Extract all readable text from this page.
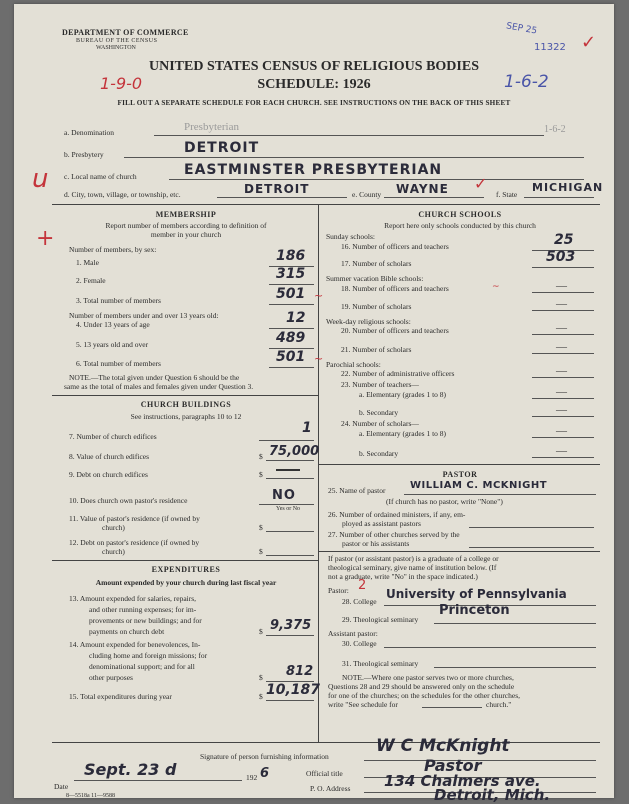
DEPARTMENT OF COMMERCE
BUREAU OF THE CENSUS
WASHINGTON
SEP 25
11322 ✓
UNITED STATES CENSUS OF RELIGIOUS BODIES
SCHEDULE: 1926
1-9-0	1-6-2
FILL OUT A SEPARATE SCHEDULE FOR EACH CHURCH. SEE INSTRUCTIONS ON THE BACK OF THIS SHEET
a. Denomination	Presbyterian	1-6-2
b. Presbytery	DETROIT
c. Local name of church	EASTMINSTER PRESBYTERIAN
u
d. City, town, village, or township, etc.	DETROIT	e. County WAYNE ✓
f. State
MICHIGAN
+
MEMBERSHIP
Report number of members according to definition of
member in your church
Number of members, by sex:
1. Male	186
2. Female	315
3. Total number of members	501 ~
Number of members under and over 13 years old:
4. Under 13 years of age	12
5. 13 years old and over	489
6. Total number of members	501 ~
NOTE.—The total given under Question 6 should be the
same as the total of males and females given under Question 3.
CHURCH BUILDINGS
See instructions, paragraphs 10 to 12
7. Number of church edifices
1
8. Value of church edifices	$ 75,000
9. Debt on church edifices	$
10. Does church own pastor's residence	NO
Yes or No
11. Value of pastor's residence (if owned by
church)	$
12. Debt on pastor's residence (if owned by
church)	$
EXPENDITURES
Amount expended by your church during last fiscal year
13. Amount expended for salaries, repairs,
and other running expenses; for im-
provements or new buildings; and for
payments on church debt	$ 9,375
14. Amount expended for benevolences, In-
cluding home and foreign missions; for
denominational support; and for all
other purposes	$ 812
15. Total expenditures during year	$ 10,187
CHURCH SCHOOLS
Report here only schools conducted by this church
Sunday schools:
16. Number of officers and teachers	25
17. Number of scholars	503
Summer vacation Bible schools:
18. Number of officers and teachers	—
~
19. Number of scholars	—
Week-day religious schools:
20. Number of officers and teachers	—
21. Number of scholars	—
Parochial schools:
22. Number of administrative officers	—
23. Number of teachers—
a. Elementary (grades 1 to 8)	—
b. Secondary	—
24. Number of scholars—
a. Elementary (grades 1 to 8)	—
b. Secondary	—
PASTOR
25. Name of pastor WILLIAM C. MCKNIGHT
(If church has no pastor, write "None")
26. Number of ordained ministers, if any, em-
ployed as assistant pastors
27. Number of other churches served by the
pastor or his assistants
If pastor (or assistant pastor) is a graduate of a college or
theological seminary, give name of institution below. (If
not a graduate, write "No" in the space indicated.)
Pastor: 2
28. College
University of Pennsylvania
29. Theological seminary
Princeton
Assistant pastor:
30. College
31. Theological seminary
NOTE.—Where one pastor serves two or more churches,
Questions 28 and 29 should be answered only on the schedule
for one of the churches; on the schedules for the other churches,
write "See schedule for	church."
Signature of person furnishing information
W C McKnight
Official title	Pastor
Date
Sept. 23 d	192 6
P. O. Address 134 Chalmers ave.
Detroit, Mich.
8—5518a 11—9588
